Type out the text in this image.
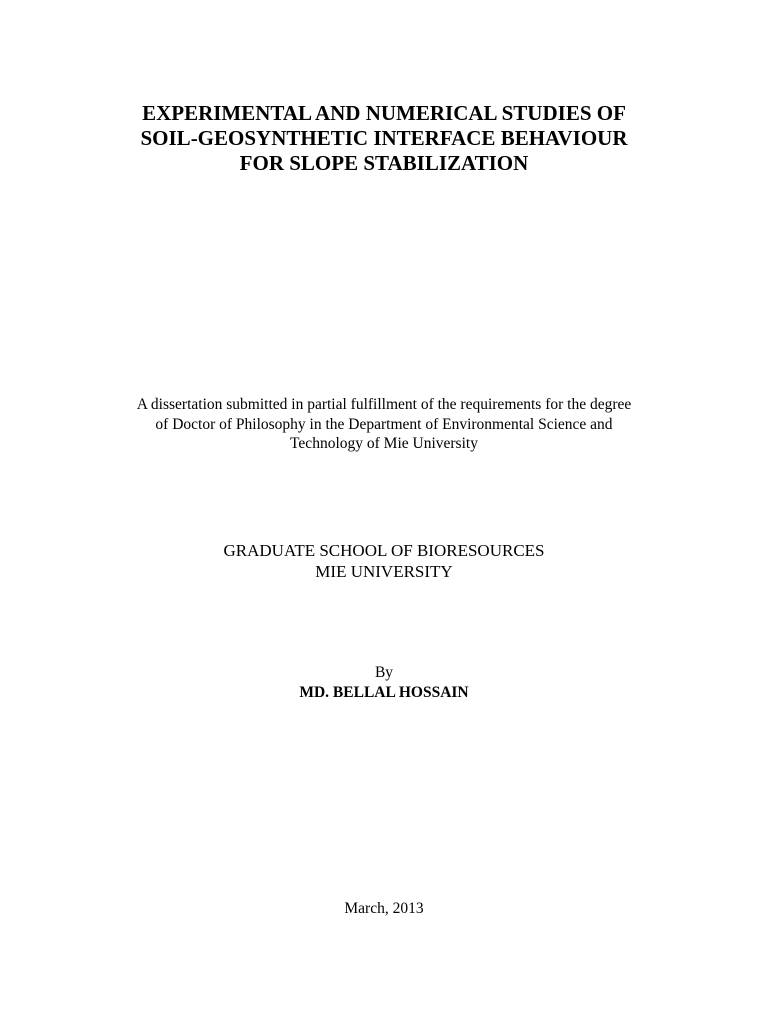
EXPERIMENTAL AND NUMERICAL STUDIES OF
SOIL-GEOSYNTHETIC INTERFACE BEHAVIOUR
FOR SLOPE STABILIZATION
A dissertation submitted in partial fulfillment of the requirements for the degree
of Doctor of Philosophy in the Department of Environmental Science and
Technology of Mie University
GRADUATE SCHOOL OF BIORESOURCES
MIE UNIVERSITY
By
MD. BELLAL HOSSAIN
March, 2013
